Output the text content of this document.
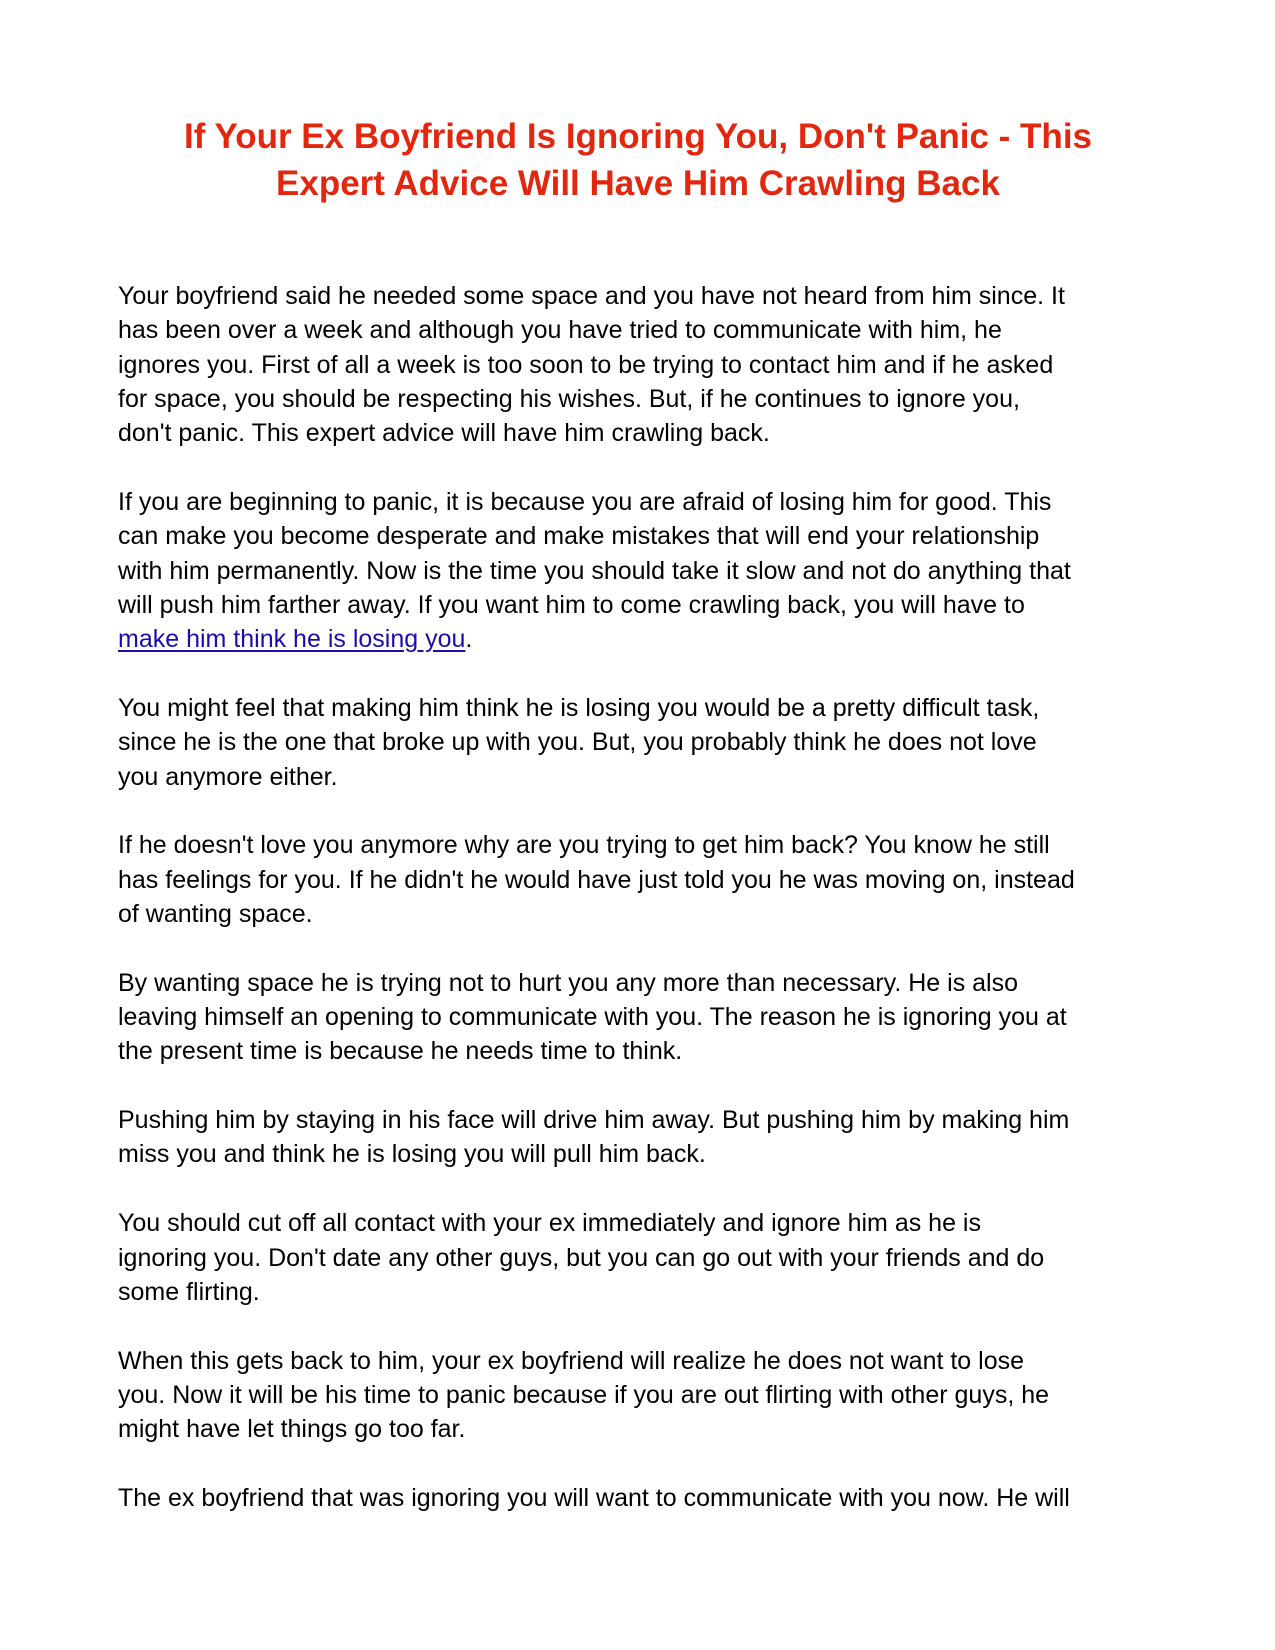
If Your Ex Boyfriend Is Ignoring You, Don't Panic - This
Expert Advice Will Have Him Crawling Back

Your boyfriend said he needed some space and you have not heard from him since. It
has been over a week and although you have tried to communicate with him, he
ignores you. First of all a week is too soon to be trying to contact him and if he asked
for space, you should be respecting his wishes. But, if he continues to ignore you,
don't panic. This expert advice will have him crawling back.

If you are beginning to panic, it is because you are afraid of losing him for good. This
can make you become desperate and make mistakes that will end your relationship
with him permanently. Now is the time you should take it slow and not do anything that
will push him farther away. If you want him to come crawling back, you will have to
make him think he is losing you.

You might feel that making him think he is losing you would be a pretty difficult task,
since he is the one that broke up with you. But, you probably think he does not love
you anymore either.

If he doesn't love you anymore why are you trying to get him back? You know he still
has feelings for you. If he didn't he would have just told you he was moving on, instead
of wanting space.

By wanting space he is trying not to hurt you any more than necessary. He is also
leaving himself an opening to communicate with you. The reason he is ignoring you at
the present time is because he needs time to think.

Pushing him by staying in his face will drive him away. But pushing him by making him
miss you and think he is losing you will pull him back.

You should cut off all contact with your ex immediately and ignore him as he is
ignoring you. Don't date any other guys, but you can go out with your friends and do
some flirting.

When this gets back to him, your ex boyfriend will realize he does not want to lose
you. Now it will be his time to panic because if you are out flirting with other guys, he
might have let things go too far.

The ex boyfriend that was ignoring you will want to communicate with you now. He will
